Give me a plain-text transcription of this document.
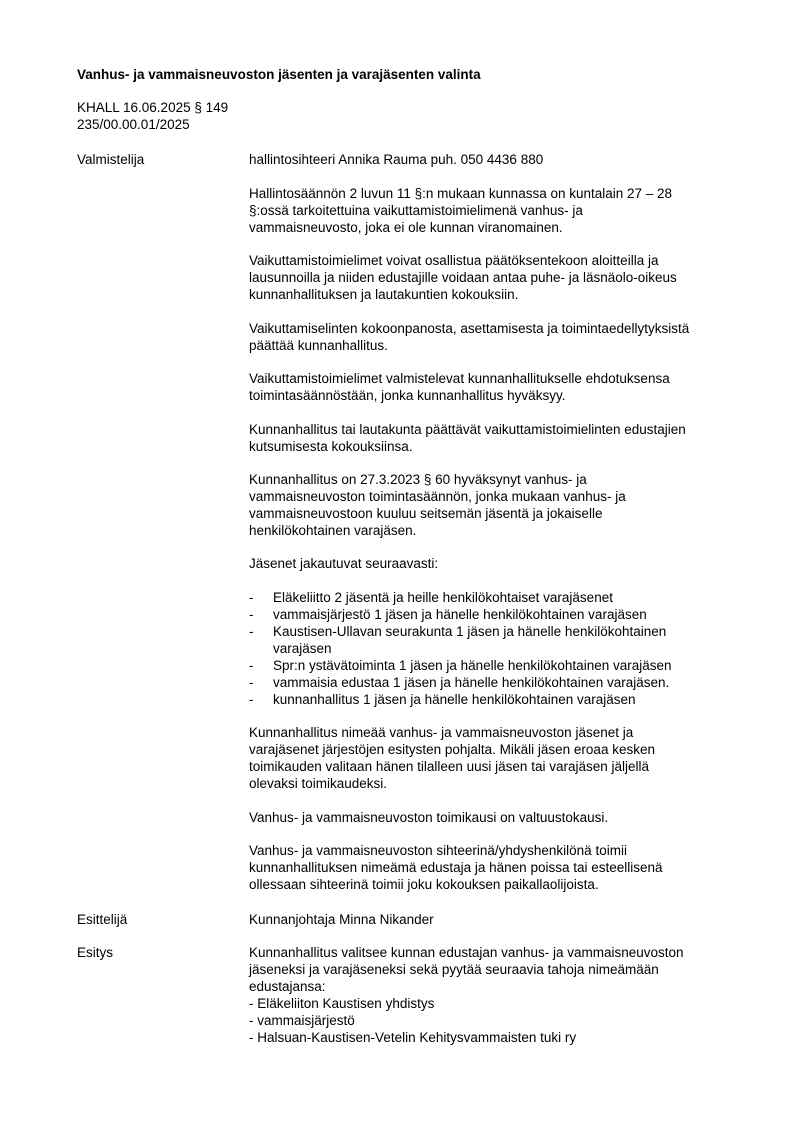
Vanhus- ja vammaisneuvoston jäsenten ja varajäsenten valinta
KHALL 16.06.2025 § 149
235/00.00.01/2025
Valmistelija	hallintosihteeri Annika Rauma puh. 050 4436 880
Hallintosäännön 2 luvun 11 §:n mukaan kunnassa on kuntalain 27 – 28
§:ossä tarkoitettuina vaikuttamistoimielimenä vanhus- ja
vammaisneuvosto, joka ei ole kunnan viranomainen.
Vaikuttamistoimielimet voivat osallistua päätöksentekoon aloitteilla ja
lausunnoilla ja niiden edustajille voidaan antaa puhe- ja läsnäolo-oikeus
kunnanhallituksen ja lautakuntien kokouksiin.
Vaikuttamiselinten kokoonpanosta, asettamisesta ja toimintaedellytyksistä
päättää kunnanhallitus.
Vaikuttamistoimielimet valmistelevat kunnanhallitukselle ehdotuksensa
toimintasäännöstään, jonka kunnanhallitus hyväksyy.
Kunnanhallitus tai lautakunta päättävät vaikuttamistoimielinten edustajien
kutsumisesta kokouksiinsa.
Kunnanhallitus on 27.3.2023 § 60 hyväksynyt vanhus- ja
vammaisneuvoston toimintasäännön, jonka mukaan vanhus- ja
vammaisneuvostoon kuuluu seitsemän jäsentä ja jokaiselle
henkilökohtainen varajäsen.
Jäsenet jakautuvat seuraavasti:
- Eläkeliitto 2 jäsentä ja heille henkilökohtaiset varajäsenet
- vammaisjärjestö 1 jäsen ja hänelle henkilökohtainen varajäsen
- Kaustisen-Ullavan seurakunta 1 jäsen ja hänelle henkilökohtainen
varajäsen
- Spr:n ystävätoiminta 1 jäsen ja hänelle henkilökohtainen varajäsen
- vammaisia edustaa 1 jäsen ja hänelle henkilökohtainen varajäsen.
- kunnanhallitus 1 jäsen ja hänelle henkilökohtainen varajäsen
Kunnanhallitus nimeää vanhus- ja vammaisneuvoston jäsenet ja
varajäsenet järjestöjen esitysten pohjalta. Mikäli jäsen eroaa kesken
toimikauden valitaan hänen tilalleen uusi jäsen tai varajäsen jäljellä
olevaksi toimikaudeksi.
Vanhus- ja vammaisneuvoston toimikausi on valtuustokausi.
Vanhus- ja vammaisneuvoston sihteerinä/yhdyshenkilönä toimii
kunnanhallituksen nimeämä edustaja ja hänen poissa tai esteellisenä
ollessaan sihteerinä toimii joku kokouksen paikallaolijoista.
Esittelijä	Kunnanjohtaja Minna Nikander
Esitys	Kunnanhallitus valitsee kunnan edustajan vanhus- ja vammaisneuvoston
jäseneksi ja varajäseneksi sekä pyytää seuraavia tahoja nimeämään
edustajansa:
- Eläkeliiton Kaustisen yhdistys
- vammaisjärjestö
- Halsuan-Kaustisen-Vetelin Kehitysvammaisten tuki ry
